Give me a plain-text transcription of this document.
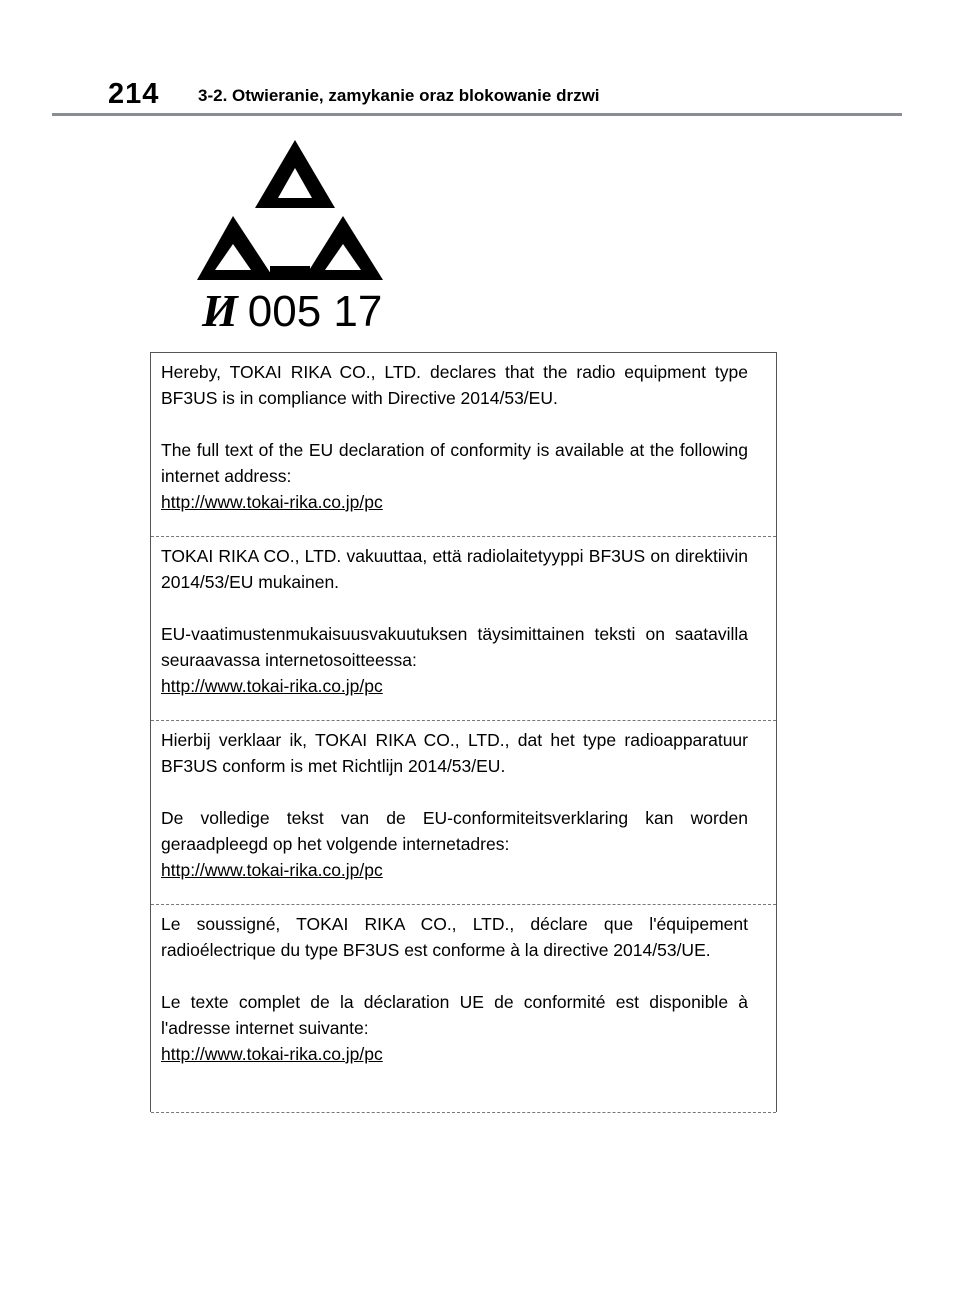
214 3-2. Otwieranie, zamykanie oraz blokowanie drzwi
И 005 17

Hereby, TOKAI RIKA CO., LTD. declares that the radio equipment type BF3US is in compliance with Directive 2014/53/EU.

The full text of the EU declaration of conformity is available at the following internet address:

http://www.tokai-rika.co.jp/pc

TOKAI RIKA CO., LTD. vakuuttaa, että radiolaitetyyppi BF3US on direktiivin 2014/53/EU mukainen.

EU-vaatimustenmukaisuusvakuutuksen täysimittainen teksti on saatavilla seuraavassa internetosoitteessa:

http://www.tokai-rika.co.jp/pc

Hierbij verklaar ik, TOKAI RIKA CO., LTD., dat het type radioapparatuur BF3US conform is met Richtlijn 2014/53/EU.

De volledige tekst van de EU-conformiteitsverklaring kan worden geraadpleegd op het volgende internetadres:

http://www.tokai-rika.co.jp/pc

Le soussigné, TOKAI RIKA CO., LTD., déclare que l'équipement radioélectrique du type BF3US est conforme à la directive 2014/53/UE.

Le texte complet de la déclaration UE de conformité est disponible à l'adresse internet suivante:

http://www.tokai-rika.co.jp/pc
